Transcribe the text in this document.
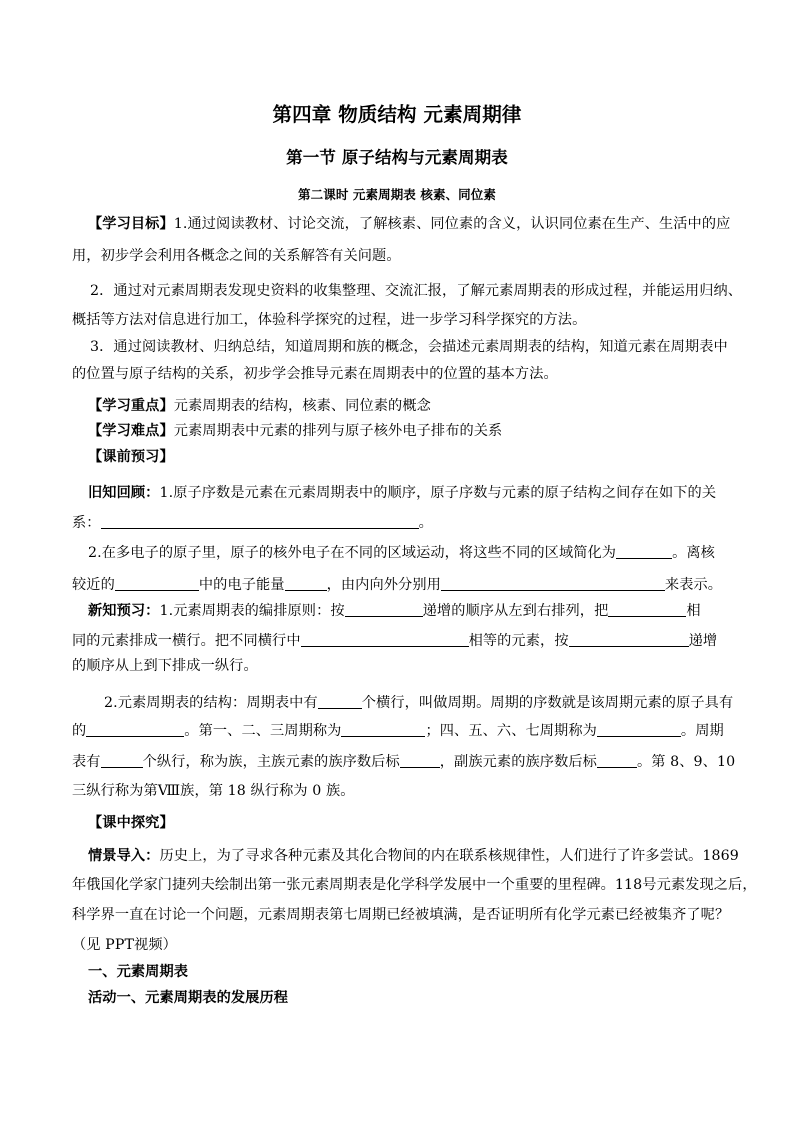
第四章 物质结构 元素周期律
第一节 原子结构与元素周期表
第二课时 元素周期表 核素、同位素
【学习目标】1.通过阅读教材、讨论交流，了解核素、同位素的含义，认识同位素在生产、生活中的应
用，初步学会利用各概念之间的关系解答有关问题。
2．通过对元素周期表发现史资料的收集整理、交流汇报，了解元素周期表的形成过程，并能运用归纳、
概括等方法对信息进行加工，体验科学探究的过程，进一步学习科学探究的方法。
3．通过阅读教材、归纳总结，知道周期和族的概念，会描述元素周期表的结构，知道元素在周期表中
的位置与原子结构的关系，初步学会推导元素在周期表中的位置的基本方法。
【学习重点】元素周期表的结构，核素、同位素的概念
【学习难点】元素周期表中元素的排列与原子核外电子排布的关系
【课前预习】
旧知回顾：1.原子序数是元素在元素周期表中的顺序，原子序数与元素的原子结构之间存在如下的关
系：	。
2.在多电子的原子里，原子的核外电子在不同的区域运动，将这些不同的区域简化为	。离核
较近的	中的电子能量	，由内向外分别用	来表示。
新知预习：1.元素周期表的编排原则：按	递增的顺序从左到右排列，把	相
同的元素排成一横行。把不同横行中	相等的元素，按	递增
的顺序从上到下排成一纵行。
2.元素周期表的结构：周期表中有	个横行，叫做周期。周期的序数就是该周期元素的原子具有
的	。第一、二、三周期称为	；四、五、六、七周期称为	。周期
表有	个纵行，称为族，主族元素的族序数后标	，副族元素的族序数后标	。第 8、9、10
三纵行称为第Ⅷ族，第 18 纵行称为 0 族。
【课中探究】
情景导入：历史上，为了寻求各种元素及其化合物间的内在联系核规律性，人们进行了许多尝试。1869
年俄国化学家门捷列夫绘制出第一张元素周期表是化学科学发展中一个重要的里程碑。118号元素发现之后，
科学界一直在讨论一个问题，元素周期表第七周期已经被填满，是否证明所有化学元素已经被集齐了呢？
（见 PPT视频）
一、元素周期表
活动一、元素周期表的发展历程
